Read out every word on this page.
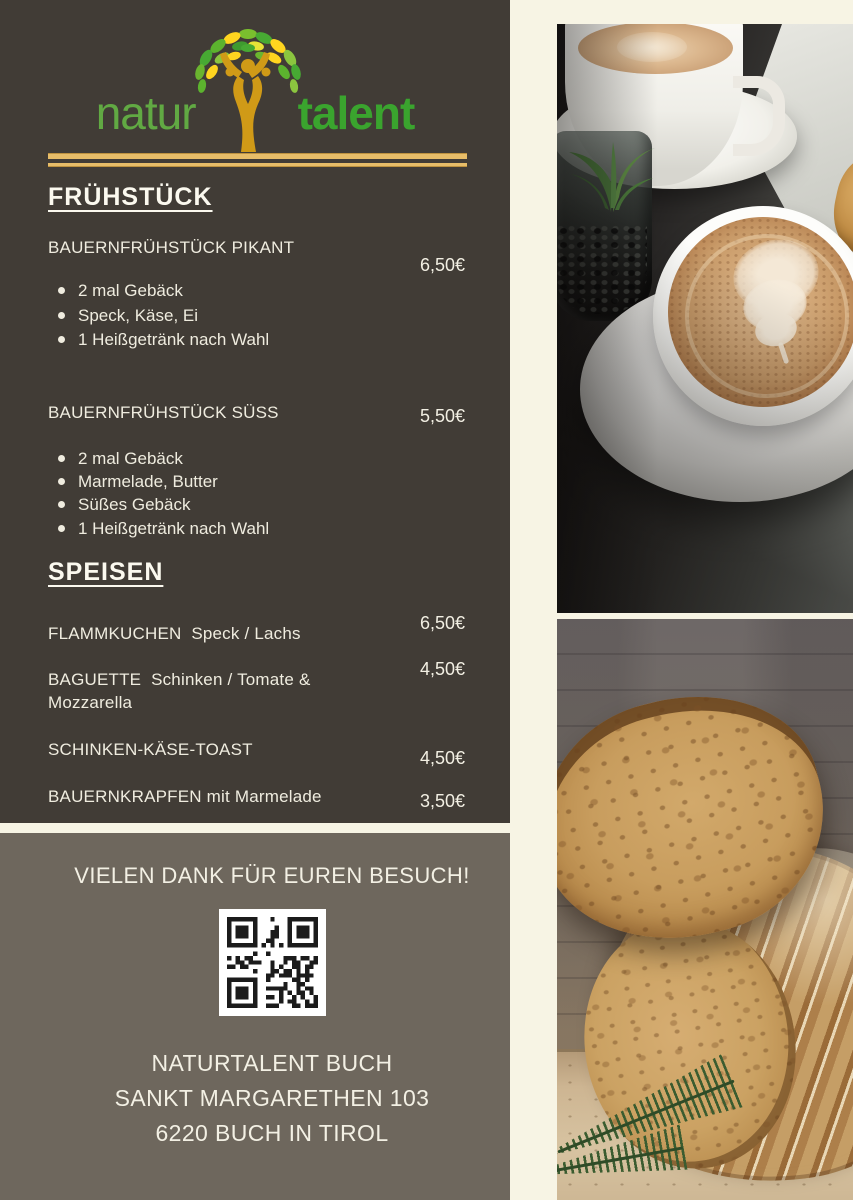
natur talent
FRÜHSTÜCK
BAUERNFRÜHSTÜCK PIKANT
6,50€
2 mal Gebäck
Speck, Käse, Ei
1 Heißgetränk nach Wahl
BAUERNFRÜHSTÜCK SÜSS	5,50€
2 mal Gebäck
Marmelade, Butter
Süßes Gebäck
1 Heißgetränk nach Wahl
SPEISEN
FLAMMKUCHEN  Speck / Lachs
6,50€
BAGUETTE  Schinken / Tomate & Mozzarella
4,50€
SCHINKEN-KÄSE-TOAST	4,50€
BAUERNKRAPFEN mit Marmelade	3,50€
VIELEN DANK FÜR EUREN BESUCH!
NATURTALENT BUCH
SANKT MARGARETHEN 103
6220 BUCH IN TIROL
